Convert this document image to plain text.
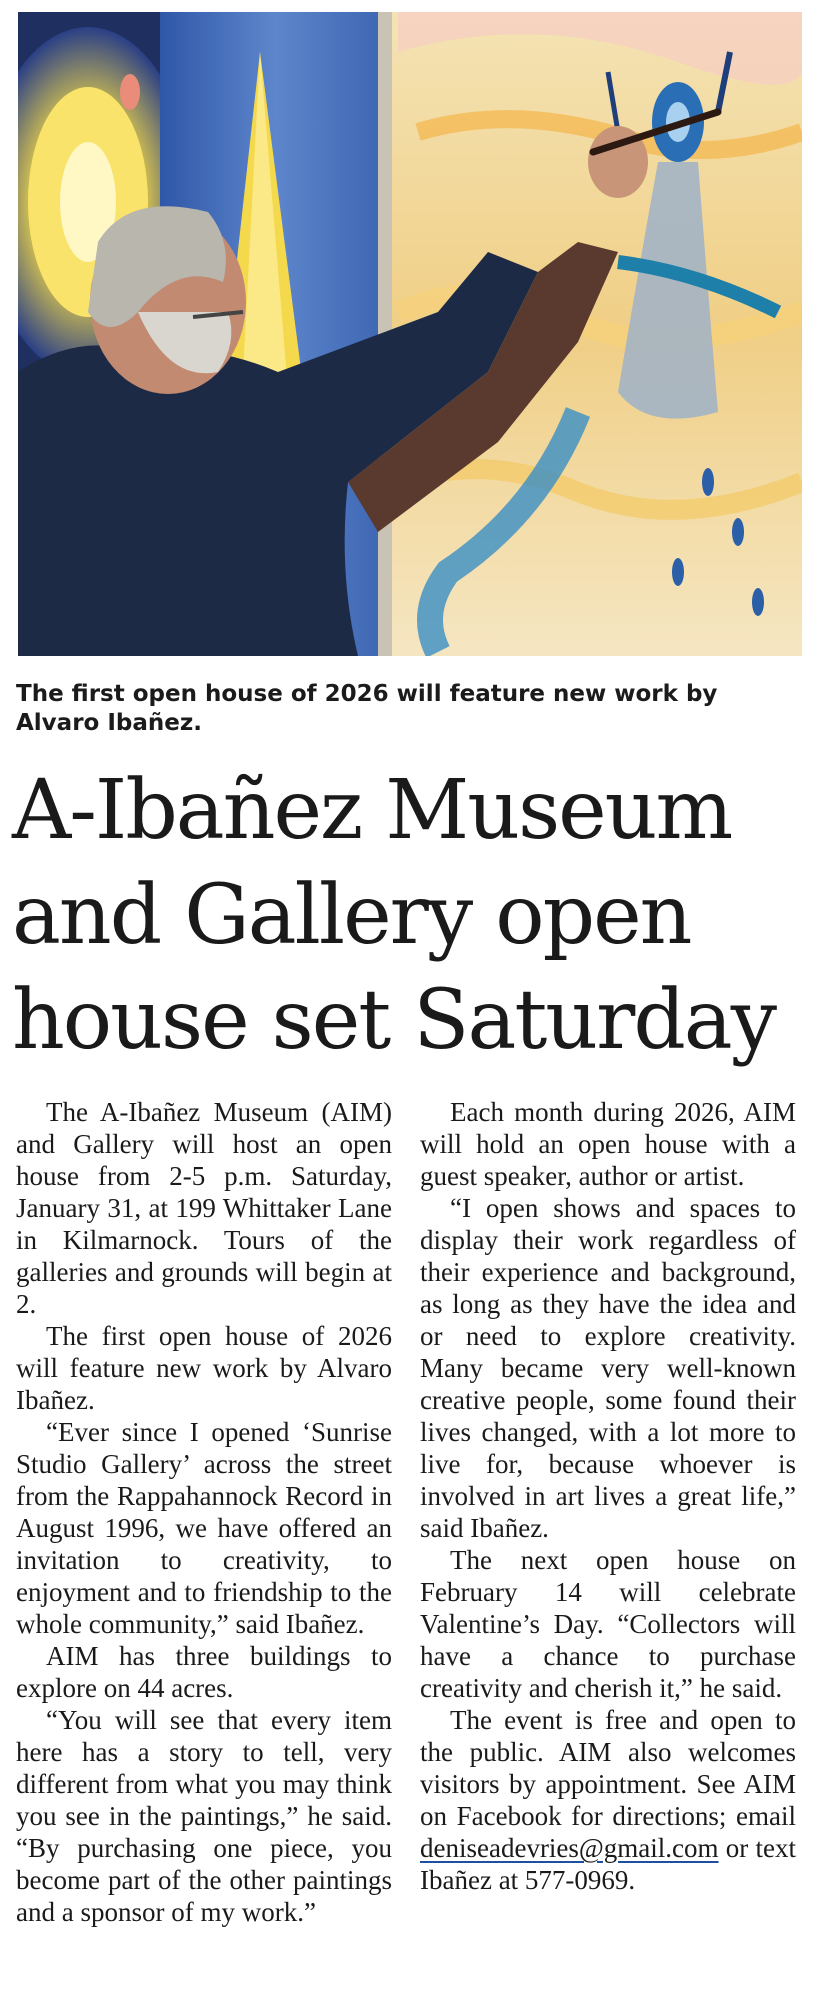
The first open house of 2026 will feature new work by Alvaro Ibañez.
A-Ibañez Museum and Gallery open house set Saturday

The A-Ibañez Museum (AIM) and Gallery will host an open house from 2-5 p.m. Saturday, January 31, at 199 Whittaker Lane in Kilmarnock. Tours of the galleries and grounds will begin at 2.

The first open house of 2026 will feature new work by Alvaro Ibañez.

“Ever since I opened ‘Sunrise Studio Gallery’ across the street from the Rappahannock Record in August 1996, we have offered an invitation to creativity, to enjoyment and to friendship to the whole community,” said Ibañez.

AIM has three buildings to explore on 44 acres.

“You will see that every item here has a story to tell, very different from what you may think you see in the paintings,” he said. “By purchasing one piece, you become part of the other paintings and a sponsor of my work.”

Each month during 2026, AIM will hold an open house with a guest speaker, author or artist.

“I open shows and spaces to display their work regardless of their experience and background, as long as they have the idea and or need to explore creativity. Many became very well-known creative people, some found their lives changed, with a lot more to live for, because whoever is involved in art lives a great life,” said Ibañez.

The next open house on February 14 will celebrate Valentine’s Day. “Collectors will have a chance to purchase creativity and cherish it,” he said.

The event is free and open to the public. AIM also welcomes visitors by appointment. See AIM on Facebook for directions; email deniseadevries@gmail.com or text Ibañez at 577-0969.
